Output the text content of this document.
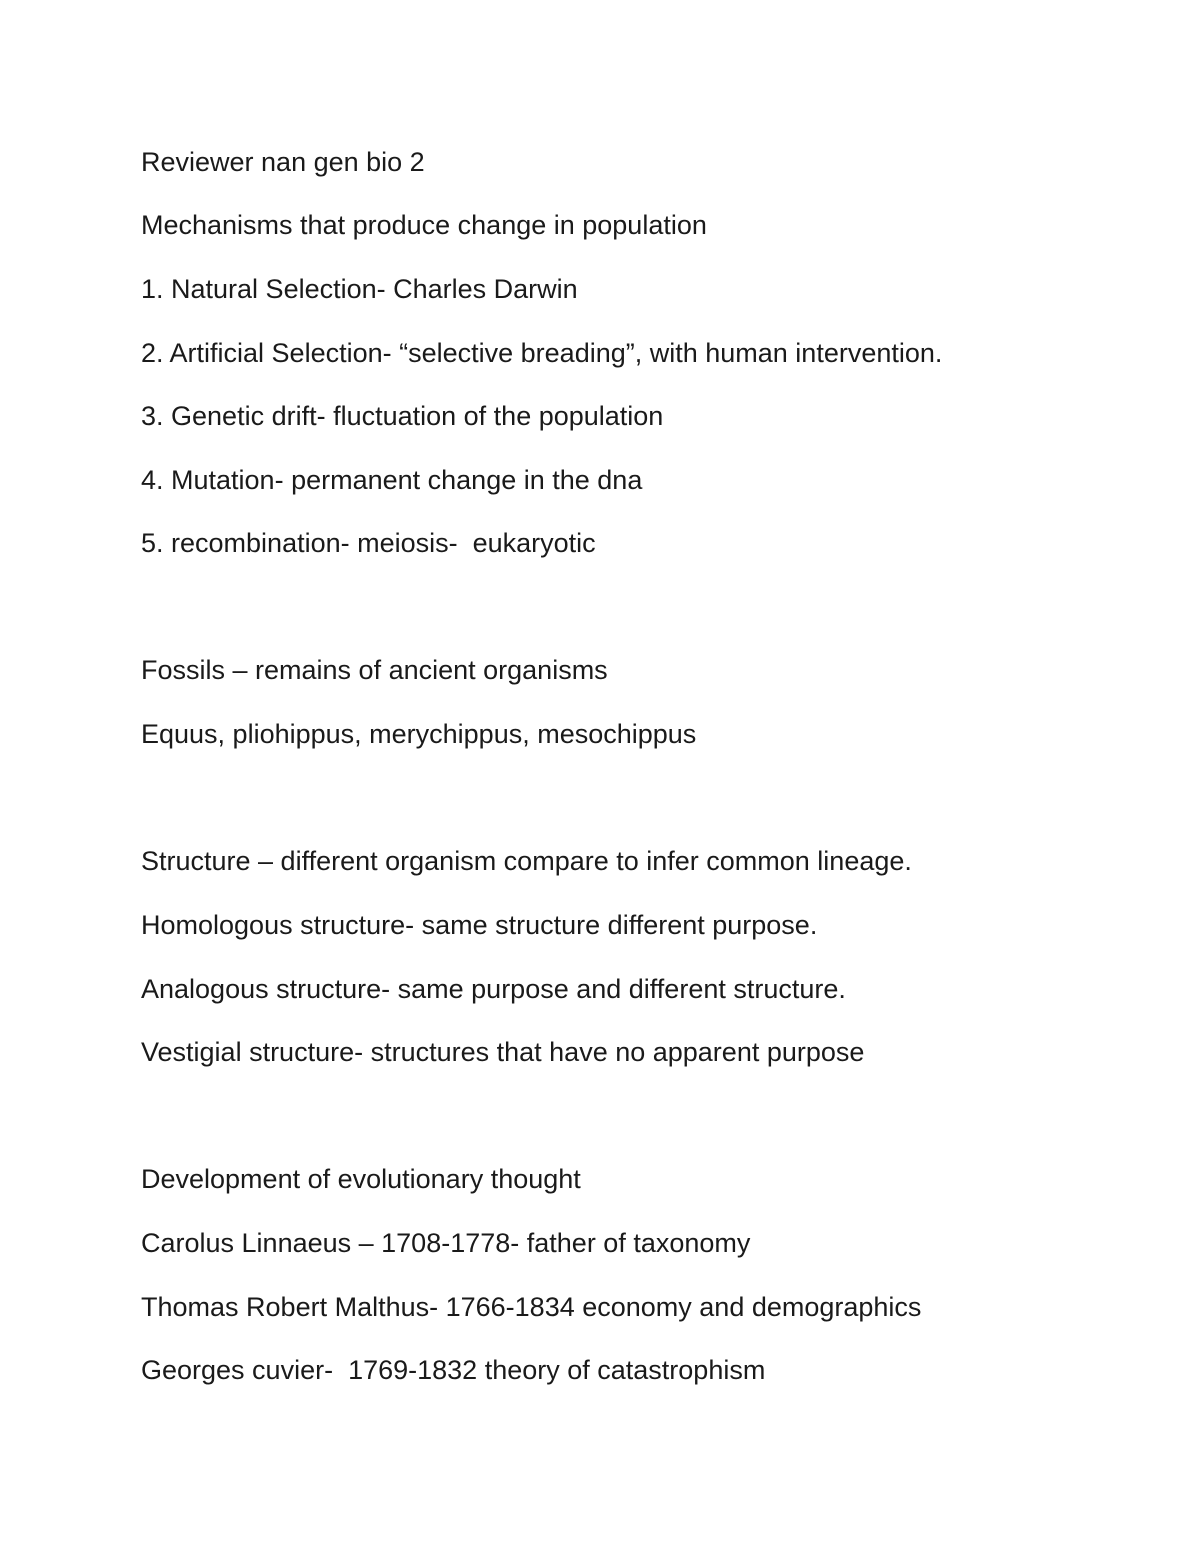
Reviewer nan gen bio 2

Mechanisms that produce change in population

1. Natural Selection- Charles Darwin

2. Artificial Selection- “selective breading”, with human intervention.

3. Genetic drift- fluctuation of the population

4. Mutation- permanent change in the dna

5. recombination- meiosis-  eukaryotic

Fossils – remains of ancient organisms

Equus, pliohippus, merychippus, mesochippus

Structure – different organism compare to infer common lineage.

Homologous structure- same structure different purpose.

Analogous structure- same purpose and different structure.

Vestigial structure- structures that have no apparent purpose

Development of evolutionary thought

Carolus Linnaeus – 1708-1778- father of taxonomy

Thomas Robert Malthus- 1766-1834 economy and demographics

Georges cuvier-  1769-1832 theory of catastrophism
